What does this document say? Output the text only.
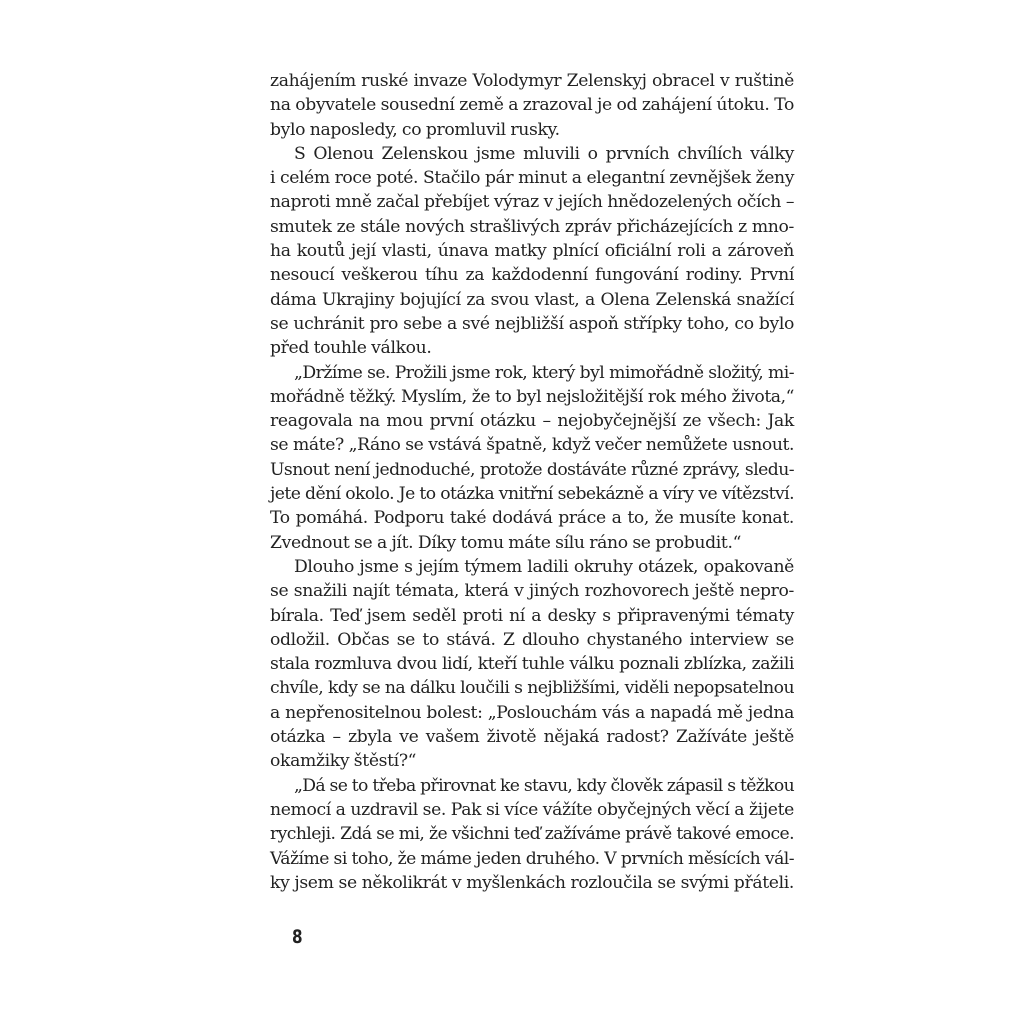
zahájením ruské invaze Volodymyr Zelenskyj obracel v ruštině
na obyvatele sousední země a zrazoval je od zahájení útoku. To
bylo naposledy, co promluvil rusky.
S Olenou Zelenskou jsme mluvili o prvních chvílích války
i celém roce poté. Stačilo pár minut a elegantní zevnějšek ženy
naproti mně začal přebíjet výraz v jejích hnědozelených očích –
smutek ze stále nových strašlivých zpráv přicházejících z mno-
ha koutů její vlasti, únava matky plnící oficiální roli a zároveň
nesoucí veškerou tíhu za každodenní fungování rodiny. První
dáma Ukrajiny bojující za svou vlast, a Olena Zelenská snažící
se uchránit pro sebe a své nejbližší aspoň střípky toho, co bylo
před touhle válkou.
„Držíme se. Prožili jsme rok, který byl mimořádně složitý, mi-
mořádně těžký. Myslím, že to byl nejsložitější rok mého života,“
reagovala na mou první otázku – nejobyčejnější ze všech: Jak
se máte? „Ráno se vstává špatně, když večer nemůžete usnout.
Usnout není jednoduché, protože dostáváte různé zprávy, sledu-
jete dění okolo. Je to otázka vnitřní sebekázně a víry ve vítězství.
To pomáhá. Podporu také dodává práce a to, že musíte konat.
Zvednout se a jít. Díky tomu máte sílu ráno se probudit.“
Dlouho jsme s jejím týmem ladili okruhy otázek, opakovaně
se snažili najít témata, která v jiných rozhovorech ještě nepro-
bírala. Teď jsem seděl proti ní a desky s připravenými tématy
odložil. Občas se to stává. Z dlouho chystaného interview se
stala rozmluva dvou lidí, kteří tuhle válku poznali zblízka, zažili
chvíle, kdy se na dálku loučili s nejbližšími, viděli nepopsatelnou
a nepřenositelnou bolest: „Poslouchám vás a napadá mě jedna
otázka – zbyla ve vašem životě nějaká radost? Zažíváte ještě
okamžiky štěstí?“
„Dá se to třeba přirovnat ke stavu, kdy člověk zápasil s těžkou
nemocí a uzdravil se. Pak si více vážíte obyčejných věcí a žijete
rychleji. Zdá se mi, že všichni teď zažíváme právě takové emoce.
Vážíme si toho, že máme jeden druhého. V prvních měsících vál-
ky jsem se několikrát v myšlenkách rozloučila se svými přáteli.
8
